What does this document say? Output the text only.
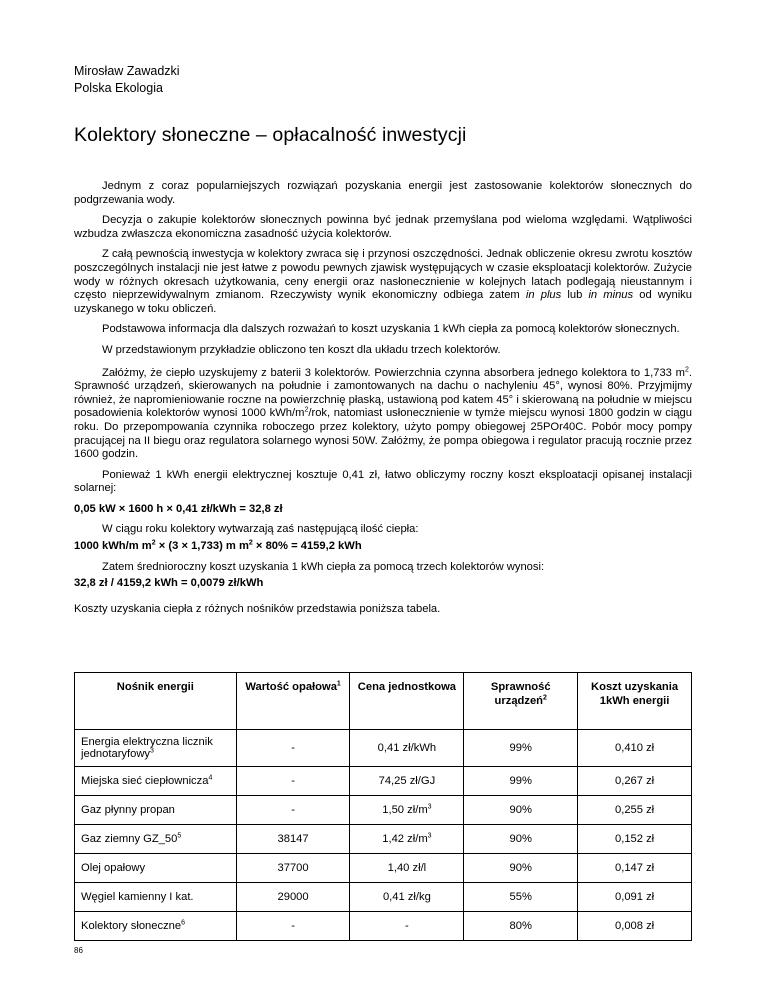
Mirosław Zawadzki
Polska Ekologia
Kolektory słoneczne – opłacalność inwestycji

Jednym z coraz popularniejszych rozwiązań pozyskania energii jest zastosowanie kolektorów słonecznych do podgrzewania wody.

Decyzja o zakupie kolektorów słonecznych powinna być jednak przemyślana pod wieloma względami. Wątpliwości wzbudza zwłaszcza ekonomiczna zasadność użycia kolektorów.

Z całą pewnością inwestycja w kolektory zwraca się i przynosi oszczędności. Jednak obliczenie okresu zwrotu kosztów poszczególnych instalacji nie jest łatwe z powodu pewnych zjawisk występujących w czasie eksploatacji kolektorów. Zużycie wody w różnych okresach użytkowania, ceny energii oraz nasłonecznienie w kolejnych latach podlegają nieustannym i często nieprzewidywalnym zmianom. Rzeczywisty wynik ekonomiczny odbiega zatem in plus lub in minus od wyniku uzyskanego w toku obliczeń.

Podstawowa informacja dla dalszych rozważań to koszt uzyskania 1 kWh ciepła za pomocą kolektorów słonecznych.

W przedstawionym przykładzie obliczono ten koszt dla układu trzech kolektorów.

Załóżmy, że ciepło uzyskujemy z baterii 3 kolektorów. Powierzchnia czynna absorbera jednego kolektora to 1,733 $m^2$. Sprawność urządzeń, skierowanych na południe i zamontowanych na dachu o nachyleniu 45°, wynosi 80%. Przyjmijmy również, że napromieniowanie roczne na powierzchnię płaską, ustawioną pod katem 45° i skierowaną na południe w miejscu posadowienia kolektorów wynosi 1000 kWh/$m^2$/rok, natomiast usłonecznienie w tymże miejscu wynosi 1800 godzin w ciągu roku. Do przepompowania czynnika roboczego przez kolektory, użyto pompy obiegowej 25POr40C. Pobór mocy pompy pracującej na II biegu oraz regulatora solarnego wynosi 50W. Załóżmy, że pompa obiegowa i regulator pracują rocznie przez 1600 godzin.

Ponieważ 1 kWh energii elektrycznej kosztuje 0,41 zł, łatwo obliczymy roczny koszt eksploatacji opisanej instalacji solarnej:

0,05 kW × 1600 h × 0,41 zł/kWh = 32,8 zł

W ciągu roku kolektory wytwarzają zaś następującą ilość ciepła:

1000 kWh/m $m^2 \times (3 \times 1,733)$ m $m^2 \times 80\% = 4159,2$ kWh

Zatem średnioroczny koszt uzyskania 1 kWh ciepła za pomocą trzech kolektorów wynosi:

32,8 zł / 4159,2 kWh = 0,0079 zł/kWh

Koszty uzyskania ciepła z różnych nośników przedstawia poniższa tabela.

Nośnik energii	Wartość opałowa$^1$	Cena jednostkowa	Sprawność urządzeń$^2$	Koszt uzyskania 1kWh energii
Energia elektryczna licznik jednotaryfowy$^3$	-	0,41 zł/kWh	99%	0,410 zł
Miejska sieć ciepłownicza$^4$	-	74,25 zł/GJ	99%	0,267 zł
Gaz płynny propan	-	1,50 $zł/m^3$	90%	0,255 zł
Gaz ziemny $GZ\_50^5$	38147	1,42 $zł/m^3$	90%	0,152 zł
Olej opałowy	37700	1,40 zł/l	90%	0,147 zł
Węgiel kamienny I kat.	29000	0,41 zł/kg	55%	0,091 zł
Kolektory słoneczne$^6$	-	-	80%	0,008 zł
86
